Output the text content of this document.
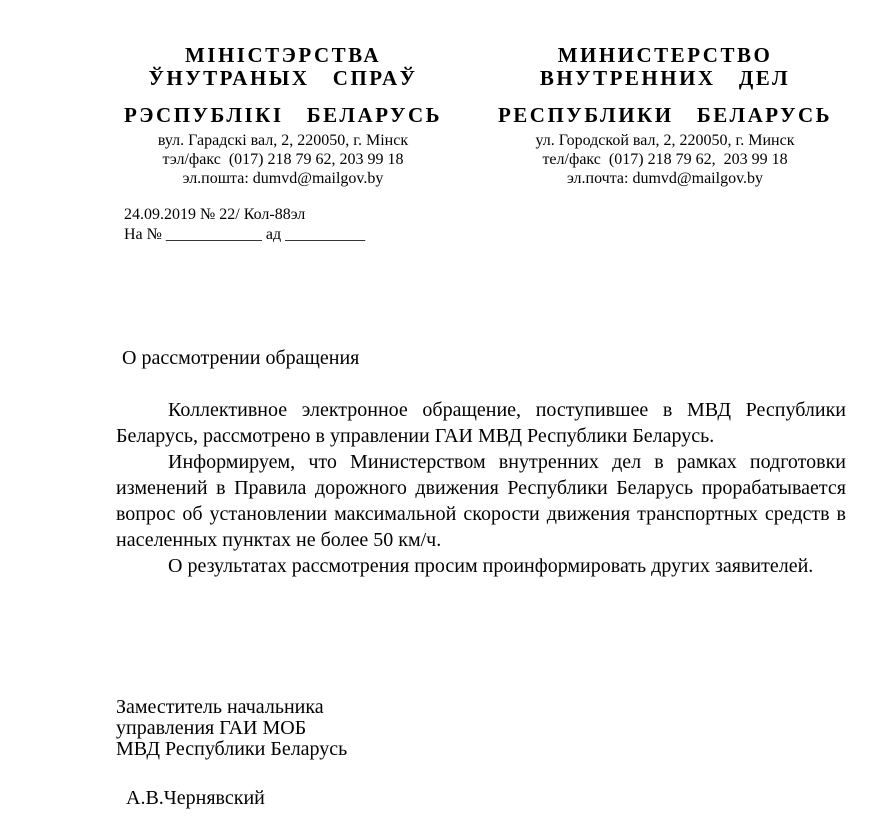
МІНІСТЭРСТВА

ЎНУТРАНЫХ   СПРАЎ

РЭСПУБЛІКІ   БЕЛАРУСЬ

вул. Гарадскі вал, 2, 220050, г. Мінск

тэл/факс  (017) 218 79 62, 203 99 18

эл.пошта: dumvd@mailgov.by

МИНИСТЕРСТВО

ВНУТРЕННИХ   ДЕЛ

РЕСПУБЛИКИ   БЕЛАРУСЬ

ул. Городской вал, 2, 220050, г. Минск

тел/факс  (017) 218 79 62,  203 99 18

эл.почта: dumvd@mailgov.by

24.09.2019 № 22/ Кол-88эл
На № ____________ ад __________
О рассмотрении обращения

Коллективное электронное обращение, поступившее в МВД Республики Беларусь, рассмотрено в управлении ГАИ МВД Республики Беларусь.

Информируем, что Министерством внутренних дел в рамках подготовки изменений в Правила дорожного движения Республики Беларусь прорабатывается вопрос об установлении максимальной скорости движения транспортных средств в населенных пунктах не более 50 км/ч.

О результатах рассмотрения просим проинформировать других заявителей.

Заместитель начальника
управления ГАИ МОБ
МВД Республики Беларусь
А.В.Чернявский
